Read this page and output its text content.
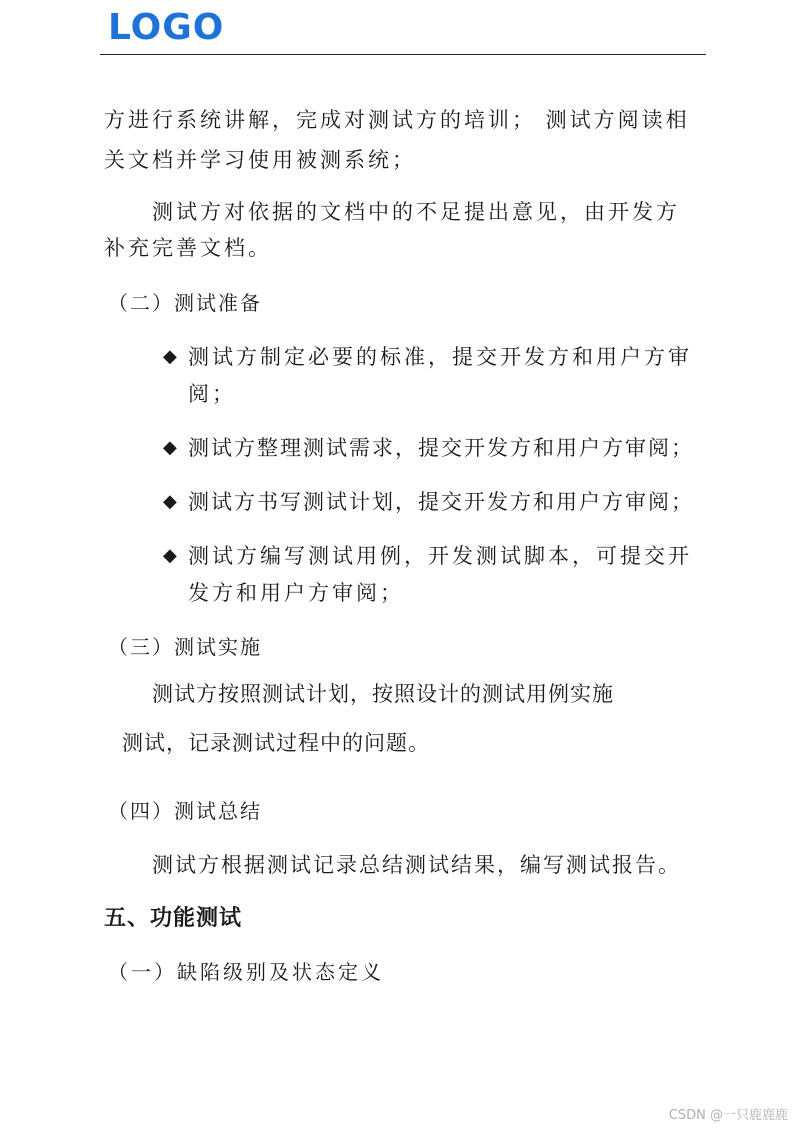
LOGO
方进行系统讲解，完成对测试方的培训； 测试方阅读相
关文档并学习使用被测系统；
测试方对依据的文档中的不足提出意见，由开发方
补充完善文档。
（二）测试准备
◆ 测试方制定必要的标准，提交开发方和用户方审
阅；
◆ 测试方整理测试需求，提交开发方和用户方审阅；
◆ 测试方书写测试计划，提交开发方和用户方审阅；
◆ 测试方编写测试用例，开发测试脚本，可提交开
发方和用户方审阅；
（三）测试实施
测试方按照测试计划，按照设计的测试用例实施
测试，记录测试过程中的问题。
（四）测试总结
测试方根据测试记录总结测试结果，编写测试报告。
五、功能测试
（一）缺陷级别及状态定义
CSDN @一只鹿鹿鹿
